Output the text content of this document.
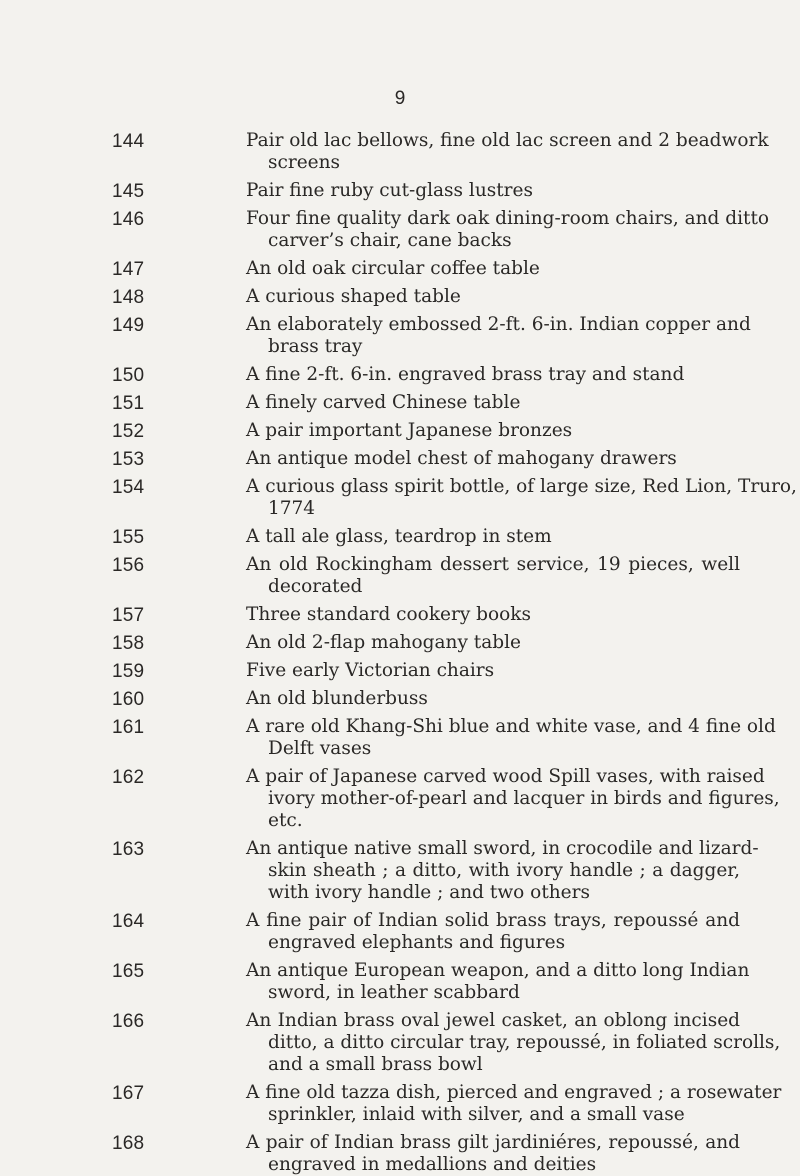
9
144	Pair old lac bellows, fine old lac screen and 2 beadwork
screens
145	Pair fine ruby cut-glass lustres
146	Four fine quality dark oak dining-room chairs, and ditto
carver’s chair, cane backs
147	An old oak circular coffee table
148	A curious shaped table
149	An elaborately embossed 2-ft. 6-in. Indian copper and
brass tray
150	A fine 2-ft. 6-in. engraved brass tray and stand
151	A finely carved Chinese table
152	A pair important Japanese bronzes
153	An antique model chest of mahogany drawers
154	A curious glass spirit bottle, of large size, Red Lion, Truro,
1774
155	A tall ale glass, teardrop in stem
156	An old Rockingham dessert service, 19 pieces, well
decorated
157	Three standard cookery books
158	An old 2-flap mahogany table
159	Five early Victorian chairs
160	An old blunderbuss
161	A rare old Khang-Shi blue and white vase, and 4 fine old
Delft vases
162	A pair of Japanese carved wood Spill vases, with raised
ivory mother-of-pearl and lacquer in birds and figures,
etc.
163	An antique native small sword, in crocodile and lizard-
skin sheath ; a ditto, with ivory handle ; a dagger,
with ivory handle ; and two others
164	A fine pair of Indian solid brass trays, repoussé and
engraved elephants and figures
165	An antique European weapon, and a ditto long Indian
sword, in leather scabbard
166	An Indian brass oval jewel casket, an oblong incised
ditto, a ditto circular tray, repoussé, in foliated scrolls,
and a small brass bowl
167	A fine old tazza dish, pierced and engraved ; a rosewater
sprinkler, inlaid with silver, and a small vase
168	A pair of Indian brass gilt jardiniéres, repoussé, and
engraved in medallions and deities
